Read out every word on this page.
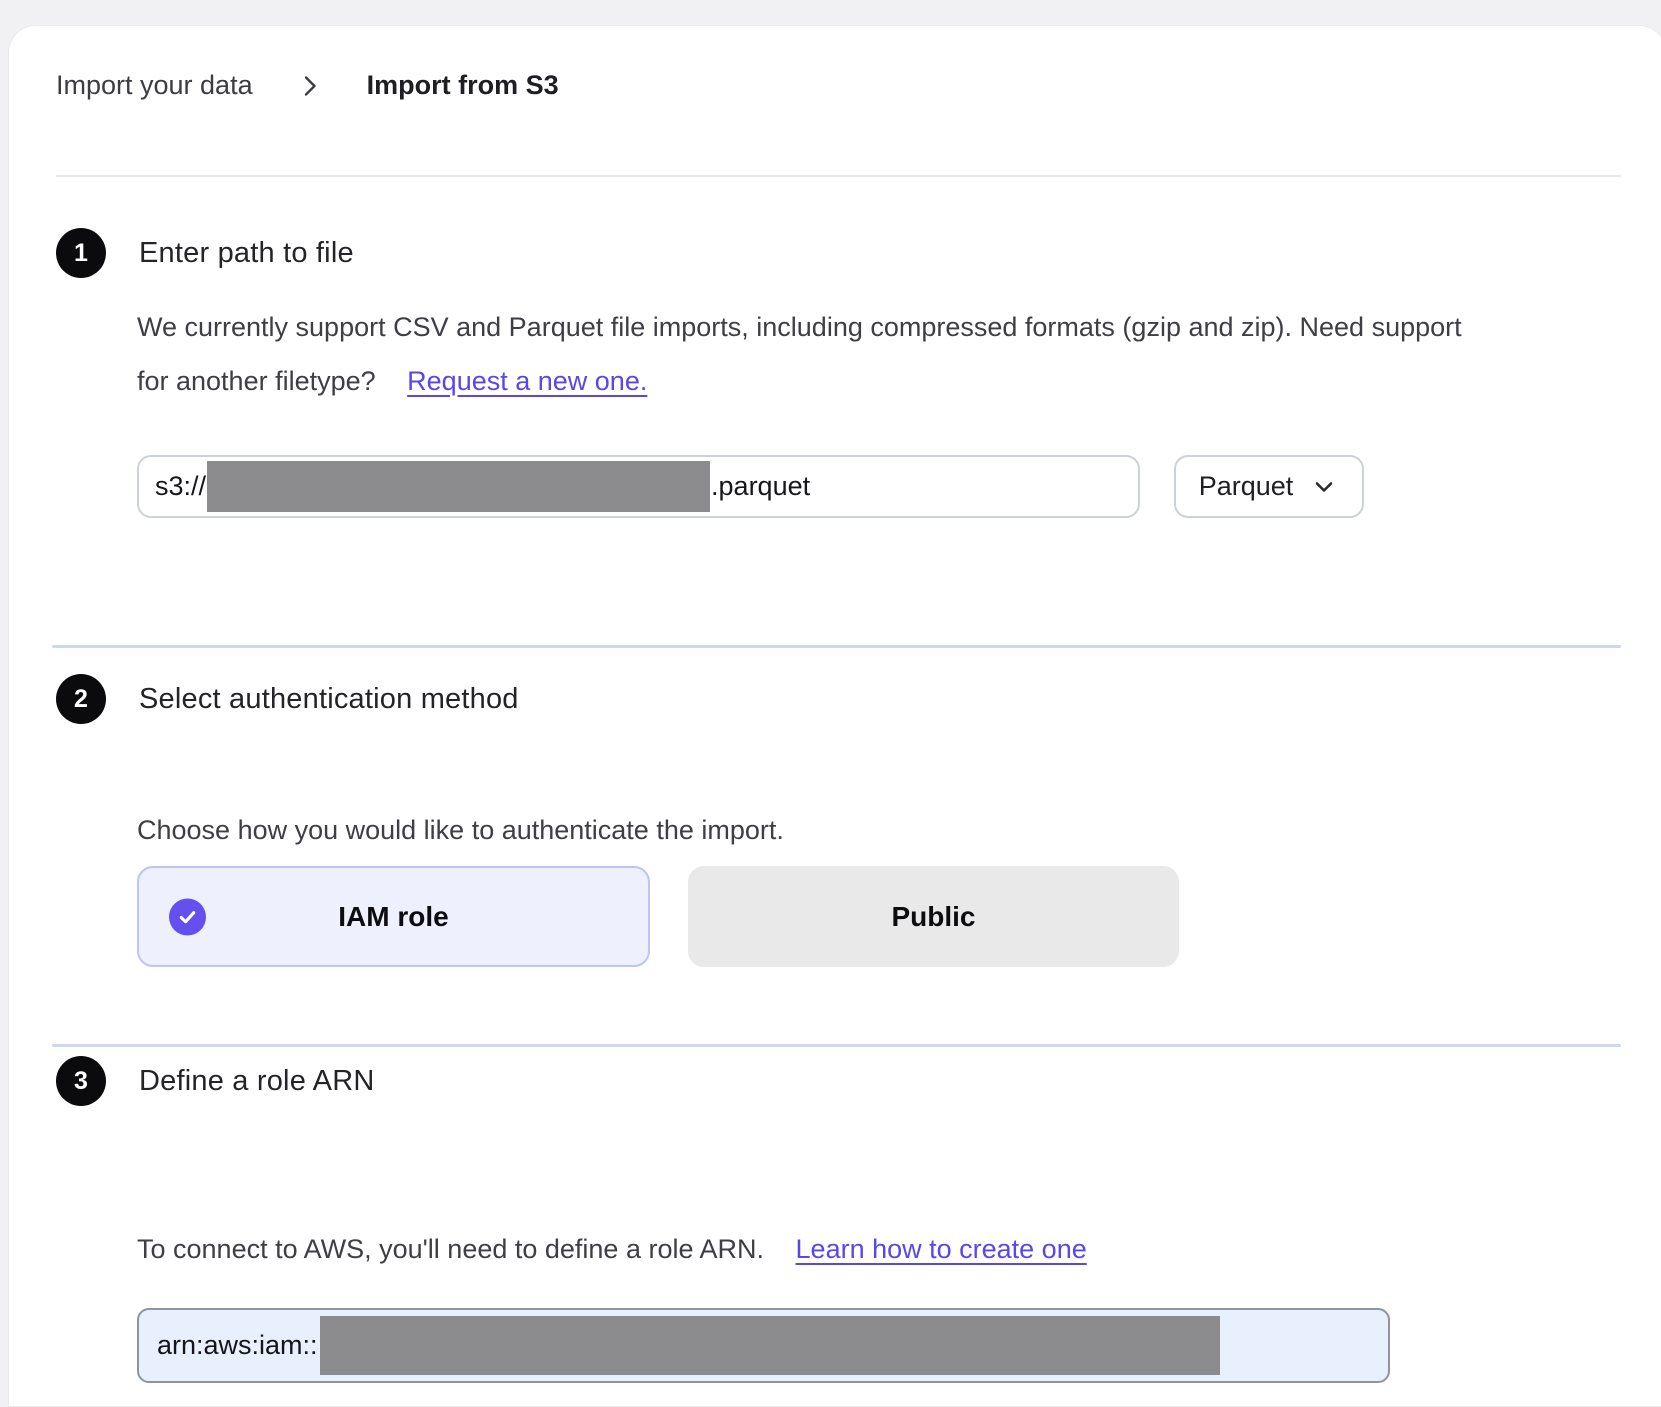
Import your data	Import from S3
1	Enter path to file
We currently support CSV and Parquet file imports, including compressed formats (gzip and zip). Need support
for another filetype? Request a new one.
s3://	.parquet	Parquet
2	Select authentication method
Choose how you would like to authenticate the import.
IAM role	Public
3	Define a role ARN
To connect to AWS, you'll need to define a role ARN. Learn how to create one
arn:aws:iam::
